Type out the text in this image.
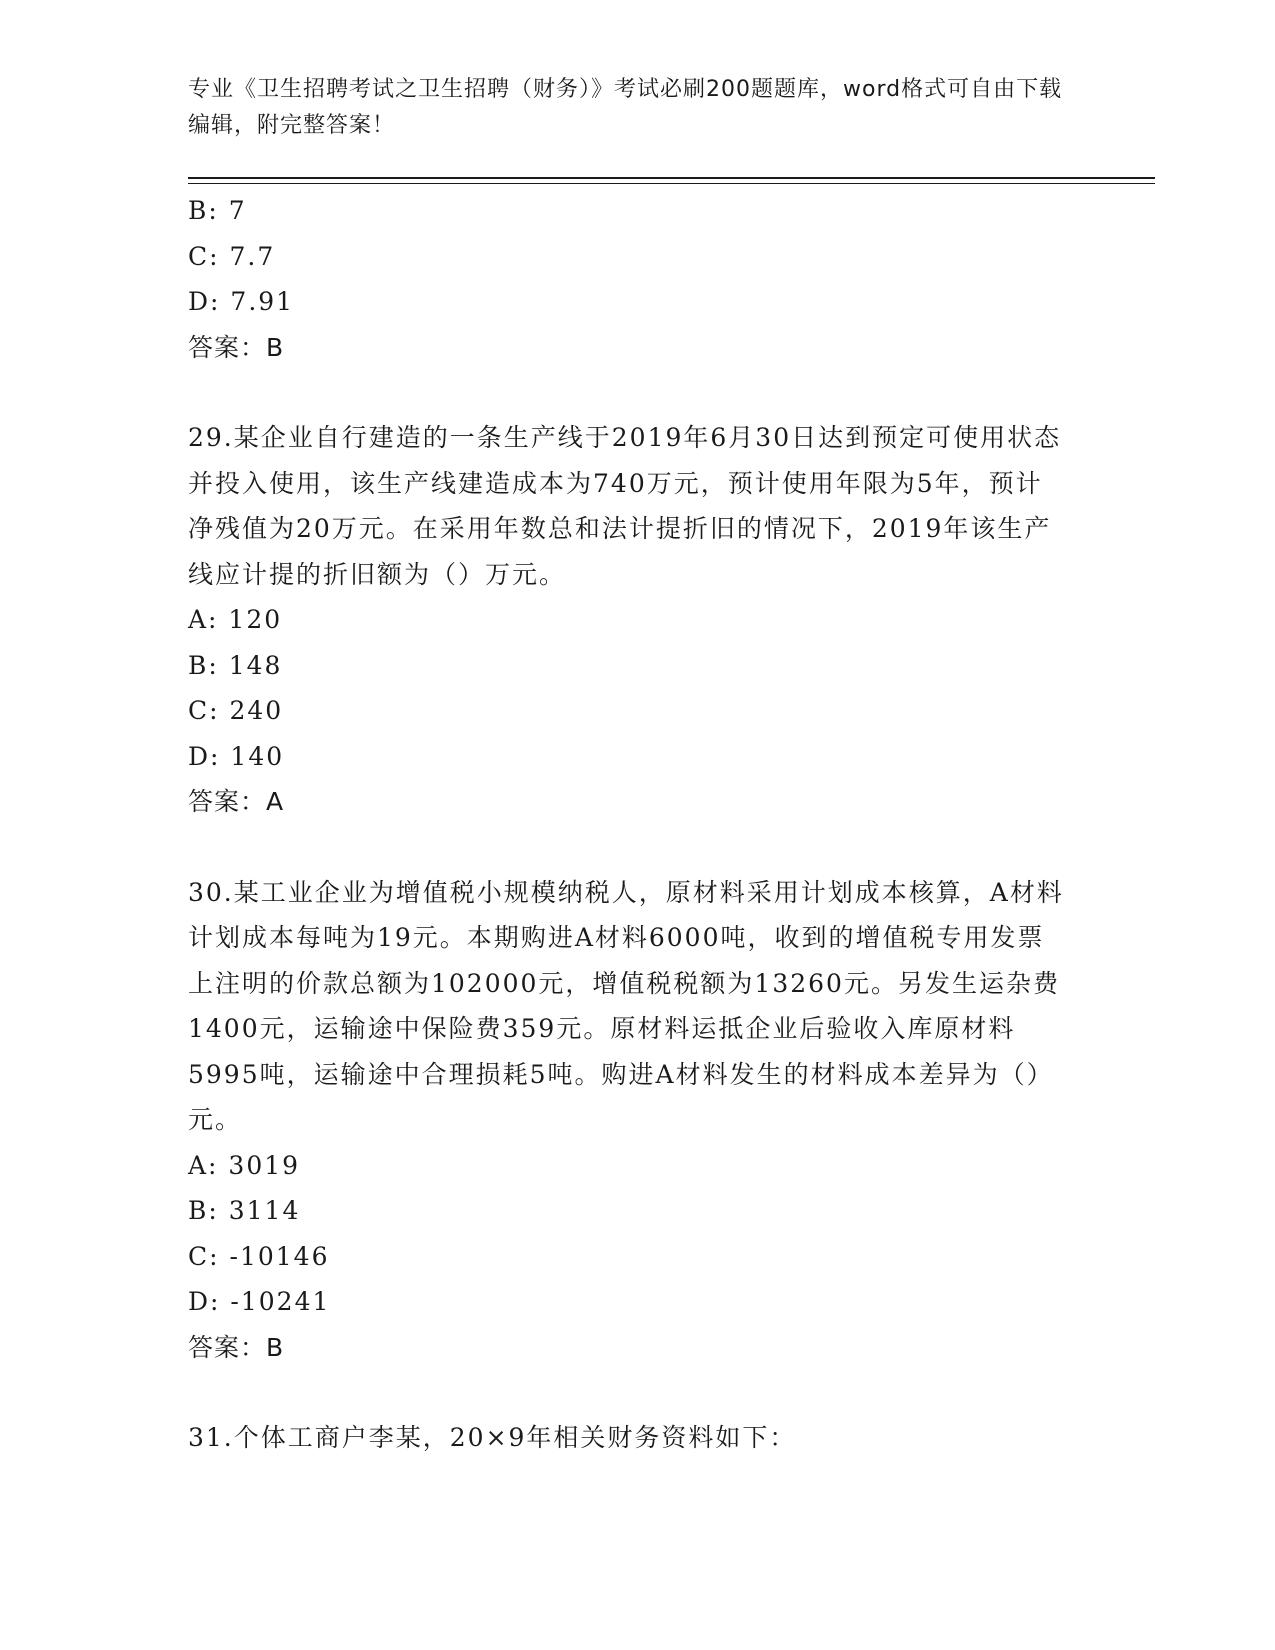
专业《卫生招聘考试之卫生招聘（财务）》考试必刷200题题库，word格式可自由下载编辑，附完整答案！
B: 7
C: 7.7
D: 7.91
答案：B
29.某企业自行建造的一条生产线于2019年6月30日达到预定可使用状态并投入使用，该生产线建造成本为740万元，预计使用年限为5年，预计净残值为20万元。在采用年数总和法计提折旧的情况下，2019年该生产线应计提的折旧额为（）万元。
A: 120
B: 148
C: 240
D: 140
答案：A
30.某工业企业为增值税小规模纳税人，原材料采用计划成本核算，A材料计划成本每吨为19元。本期购进A材料6000吨，收到的增值税专用发票上注明的价款总额为102000元，增值税税额为13260元。另发生运杂费1400元，运输途中保险费359元。原材料运抵企业后验收入库原材料5995吨，运输途中合理损耗5吨。购进A材料发生的材料成本差异为（）元。
A: 3019
B: 3114
C: -10146
D: -10241
答案：B
31.个体工商户李某，20×9年相关财务资料如下：
